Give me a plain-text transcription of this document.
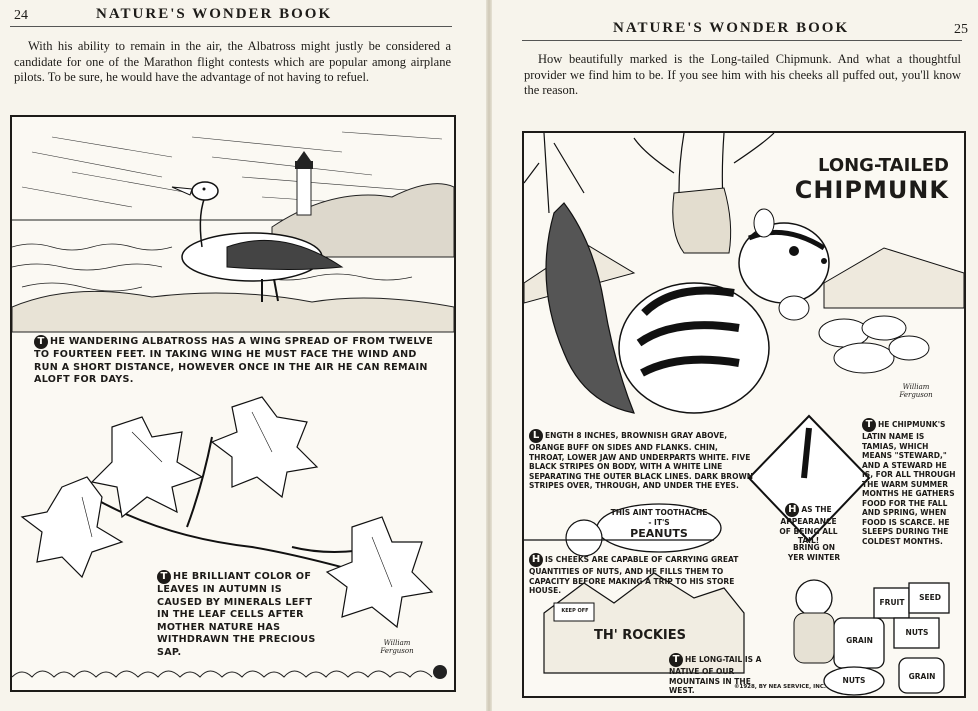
24	NATURE'S WONDER BOOK
With his ability to remain in the air, the Albatross might justly be considered a candidate for one of the Marathon flight contests which are popular among airplane pilots. To be sure, he would have the advantage of not having to refuel.
T HE WANDERING ALBATROSS HAS A WING SPREAD OF FROM TWELVE TO FOURTEEN FEET. IN TAKING WING HE MUST FACE THE WIND AND RUN A SHORT DISTANCE, HOWEVER ONCE IN THE AIR HE CAN REMAIN ALOFT FOR DAYS.
T HE BRILLIANT COLOR OF LEAVES IN AUTUMN IS CAUSED BY MINERALS LEFT IN THE LEAF CELLS AFTER MOTHER NATURE HAS WITHDRAWN THE PRECIOUS SAP.
William Ferguson
NATURE'S WONDER BOOK	25
How beautifully marked is the Long-tailed Chipmunk. And what a thoughtful provider we find him to be. If you see him with his cheeks all puffed out, you'll know the reason.
LONG-TAILED
CHIPMUNK
William Ferguson
L ENGTH 8 INCHES, BROWNISH GRAY ABOVE, ORANGE BUFF ON SIDES AND FLANKS. CHIN, THROAT, LOWER JAW AND UNDERPARTS WHITE. FIVE BLACK STRIPES ON BODY, WITH A WHITE LINE SEPARATING THE OUTER BLACK LINES. DARK BROWN STRIPES OVER, THROUGH, AND UNDER THE EYES.
T HE CHIPMUNK'S LATIN NAME IS TAMIAS, WHICH MEANS "STEWARD," AND A STEWARD HE IS, FOR ALL THROUGH THE WARM SUMMER MONTHS HE GATHERS FOOD FOR THE FALL AND SPRING, WHEN FOOD IS SCARCE. HE SLEEPS DURING THE COLDEST MONTHS.
H AS THE APPEARANCE OF BEING ALL TAIL!
THIS AINT TOOTHACHE - IT'S
PEANUTS
H IS CHEEKS ARE CAPABLE OF CARRYING GREAT QUANTITIES OF NUTS, AND HE FILLS THEM TO CAPACITY BEFORE MAKING A TRIP TO HIS STORE HOUSE.
BRING ON YER WINTER
KEEP OFF
TH' ROCKIES
T HE LONG-TAIL IS A NATIVE OF OUR MOUNTAINS IN THE WEST.	©1928, BY NEA SERVICE, INC.
GRAIN
NUTS	GRAIN
FRUIT
SEED
NUTS
